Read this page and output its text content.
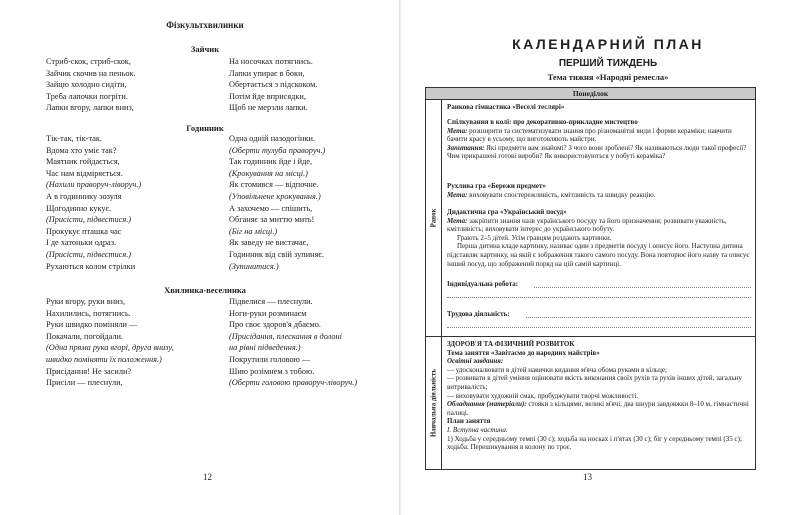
Фізкультхвилинки
Зайчик
Стриб-скок, стриб-скок,
Зайчик скочив на пеньок.
Зайцю холодно сидіти,
Треба лапочки погріти.
Лапки вгору, лапки вниз,
На носочках потягнись.
Лапки упирає в боки,
Обертається з підскоком.
Потім йде вприсядки,
Щоб не мерзли лапки.
Годинник
Тік-так, тік-так.
Вдома хто уміє так?
Маятник гойдається,
Час нам відміряється.
(Нахили праворуч-ліворуч.)
А в годиннику зозуля
Щогодинно кукує.
(Присісти, підвестися.)
Прокукує пташка час
І де хатоньки одраз.
(Присісти, підвестися.)
Рухаються колом стрілки
Одна одній назодогінки.
(Оберти тулуба праворуч.)
Так годинник йде і йде,
(Крокування на місці.)
Як стомився — відпочне.
(Уповільнене крокування.)
А захочемо — спішить,
Обганяє за миттю мить!
(Біг на місці.)
Як заведу не вистачає,
Годинник від свій зупиняє.
(Зупинитися.)
Хвилинка-веселинка
Руки вгору, руки вниз,
Нахилились, потягнись.
Руки швидко поміняли —
Покачали, погойдали.
(Одна пряма рука вгорі, друга внизу,
швидко поміняти їх положення.)
Присідання! Не засили?
Присіли — плеснули,
Підвелися — плеснули.
Ноги-руки розминаєм
Про своє здоров'я дбаємо.
(Присідання, плескання в долоні
на рівні підведення.)
Покрутили головою —
Шию розімнем з тобою.
(Оберти головою праворуч-ліворуч.)
12
КАЛЕНДАРНИЙ ПЛАН
ПЕРШИЙ ТИЖДЕНЬ
Тема тижня «Народні ремесла»
Понеділок
Ранок
Навчальна діяльність

Ранкова гімнастика «Веселі теслярі»

Спілкування в колі: про декоративно-прикладне мистецтво

Мета: розширити та систематизувати знання про різноманітні види і форми кераміки; навчити бачити красу в усьому, що виготовляють майстри.

Запитання: Які предмети вам знайомі? З чого вони зроблені? Як називаються люди такої професії? Чим прикрашені готові вироби? Як використовуються у побуті кераміка?

Рухлива гра «Бережи предмет»

Мета: виховувати спостережливість, кмітливість та швидку реакцію.

Дидактична гра «Український посуд»

Мета: закріпити знання назв українського посуду та його призначення; розвивати уважність, кмітливість; виховувати інтерес до українського побуту.

Грають 2–5 дітей. Усім гравцям роздають картинки.

Перша дитина кладе картинку, називає один з предметів посуду і описує його. Наступна дитина підставляє картинку, на якій є зображення такого самого посуду. Вона повторює його назву та описує інший посуд, що зображений поряд на цій самій картинці.

Індивідуальна робота:
Трудова діяльність:

ЗДОРОВ'Я ТА ФІЗИЧНИЙ РОЗВИТОК

Тема заняття «Завітаємо до народних майстрів»

Освітні завдання:

— удосконалювати в дітей навички кидання м'яча обома руками в кільце;

— розвивати в дітей уміння оцінювати якість виконання своїх рухів та рухів інших дітей, загальну витривалість;

— виховувати художній смак, пробуджувати творчі можливості.

Обладнання (матеріали): стояки з кільцями, великі м'ячі, два шнури завдовжки 8–10 м, гімнастичні палиці.

План заняття

І. Вступна частина.

1) Ходьба у середньому темпі (30 с); ходьба на носках і п'ятах (30 с); біг у середньому темпі (35 с); ходьба. Перешикування в колону по троє.

13
